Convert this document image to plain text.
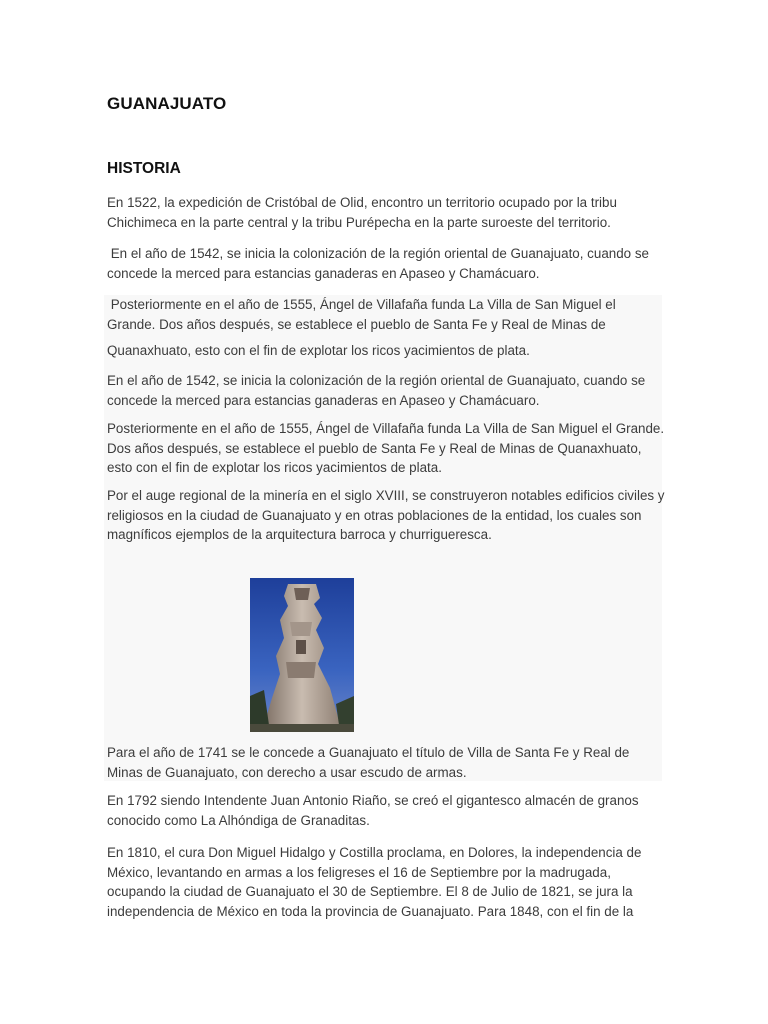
GUANAJUATO
HISTORIA

En 1522, la expedición de Cristóbal de Olid, encontro un territorio ocupado por la tribu Chichimeca en la parte central y la tribu Purépecha en la parte suroeste del territorio.

En el año de 1542, se inicia la colonización de la región oriental de Guanajuato, cuando se concede la merced para estancias ganaderas en Apaseo y Chamácuaro.

Posteriormente en el año de 1555, Ángel de Villafaña funda La Villa de San Miguel el Grande. Dos años después, se establece el pueblo de Santa Fe y Real de Minas de

Quanaxhuato, esto con el fin de explotar los ricos yacimientos de plata.

En el año de 1542, se inicia la colonización de la región oriental de Guanajuato, cuando se concede la merced para estancias ganaderas en Apaseo y Chamácuaro.

Posteriormente en el año de 1555, Ángel de Villafaña funda La Villa de San Miguel el Grande. Dos años después, se establece el pueblo de Santa Fe y Real de Minas de Quanaxhuato, esto con el fin de explotar los ricos yacimientos de plata.

Por el auge regional de la minería en el siglo XVIII, se construyeron notables edificios civiles y religiosos en la ciudad de Guanajuato y en otras poblaciones de la entidad, los cuales son magníficos ejemplos de la arquitectura barroca y churrigueresca.

Para el año de 1741 se le concede a Guanajuato el título de Villa de Santa Fe y Real de Minas de Guanajuato, con derecho a usar escudo de armas.

En 1792 siendo Intendente Juan Antonio Riaño, se creó el gigantesco almacén de granos conocido como La Alhóndiga de Granaditas.

En 1810, el cura Don Miguel Hidalgo y Costilla proclama, en Dolores, la independencia de México, levantando en armas a los feligreses el 16 de Septiembre por la madrugada, ocupando la ciudad de Guanajuato el 30 de Septiembre. El 8 de Julio de 1821, se jura la independencia de México en toda la provincia de Guanajuato. Para 1848, con el fin de la
